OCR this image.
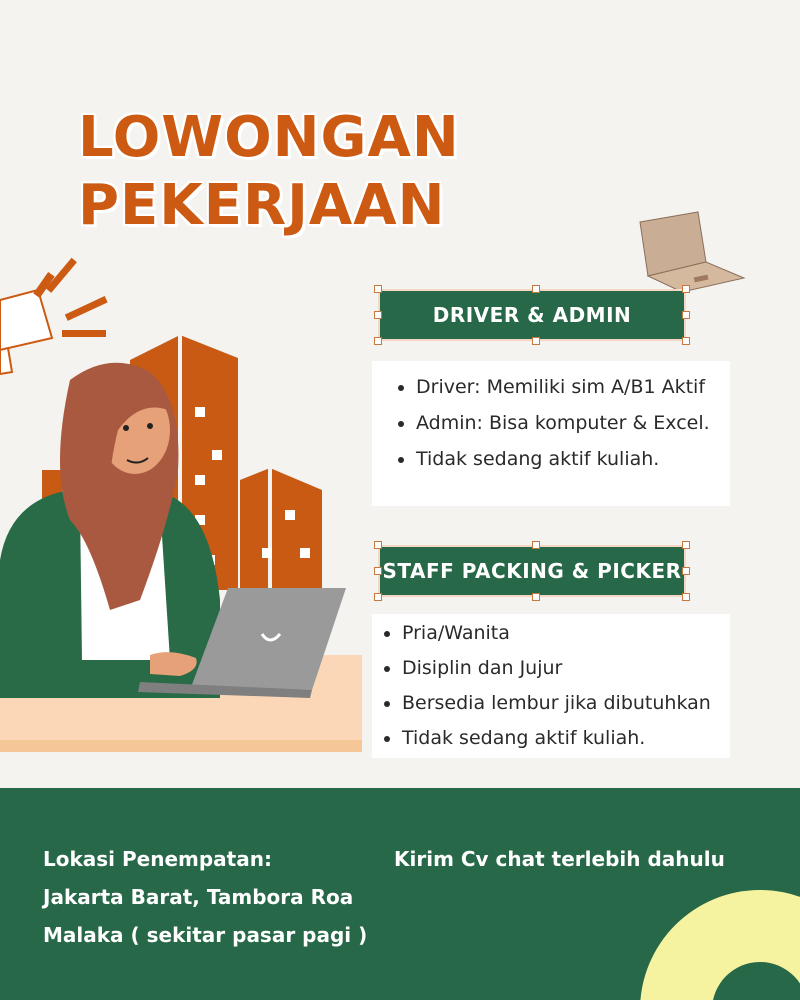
LOWONGAN
PEKERJAAN
DRIVER & ADMIN
• Driver: Memiliki sim A/B1 Aktif
• Admin: Bisa komputer & Excel.
• Tidak sedang aktif kuliah.
STAFF PACKING & PICKER
• Pria/Wanita
• Disiplin dan Jujur
• Bersedia lembur jika dibutuhkan
• Tidak sedang aktif kuliah.
Lokasi Penempatan:
Jakarta Barat, Tambora Roa
Malaka ( sekitar pasar pagi )
Kirim Cv chat terlebih dahulu
